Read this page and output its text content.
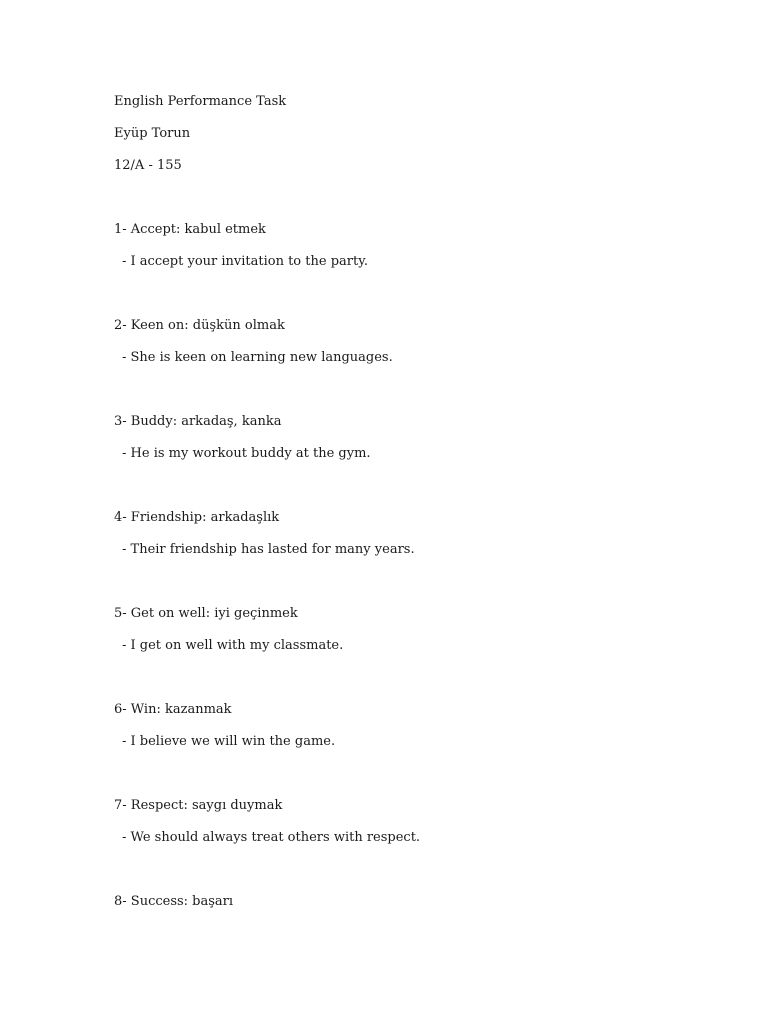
English Performance Task
Eyüp Torun
12/A - 155
1- Accept: kabul etmek
- I accept your invitation to the party.
2- Keen on: düşkün olmak
- She is keen on learning new languages.
3- Buddy: arkadaş, kanka
- He is my workout buddy at the gym.
4- Friendship: arkadaşlık
- Their friendship has lasted for many years.
5- Get on well: iyi geçinmek
- I get on well with my classmate.
6- Win: kazanmak
- I believe we will win the game.
7- Respect: saygı duymak
- We should always treat others with respect.
8- Success: başarı
